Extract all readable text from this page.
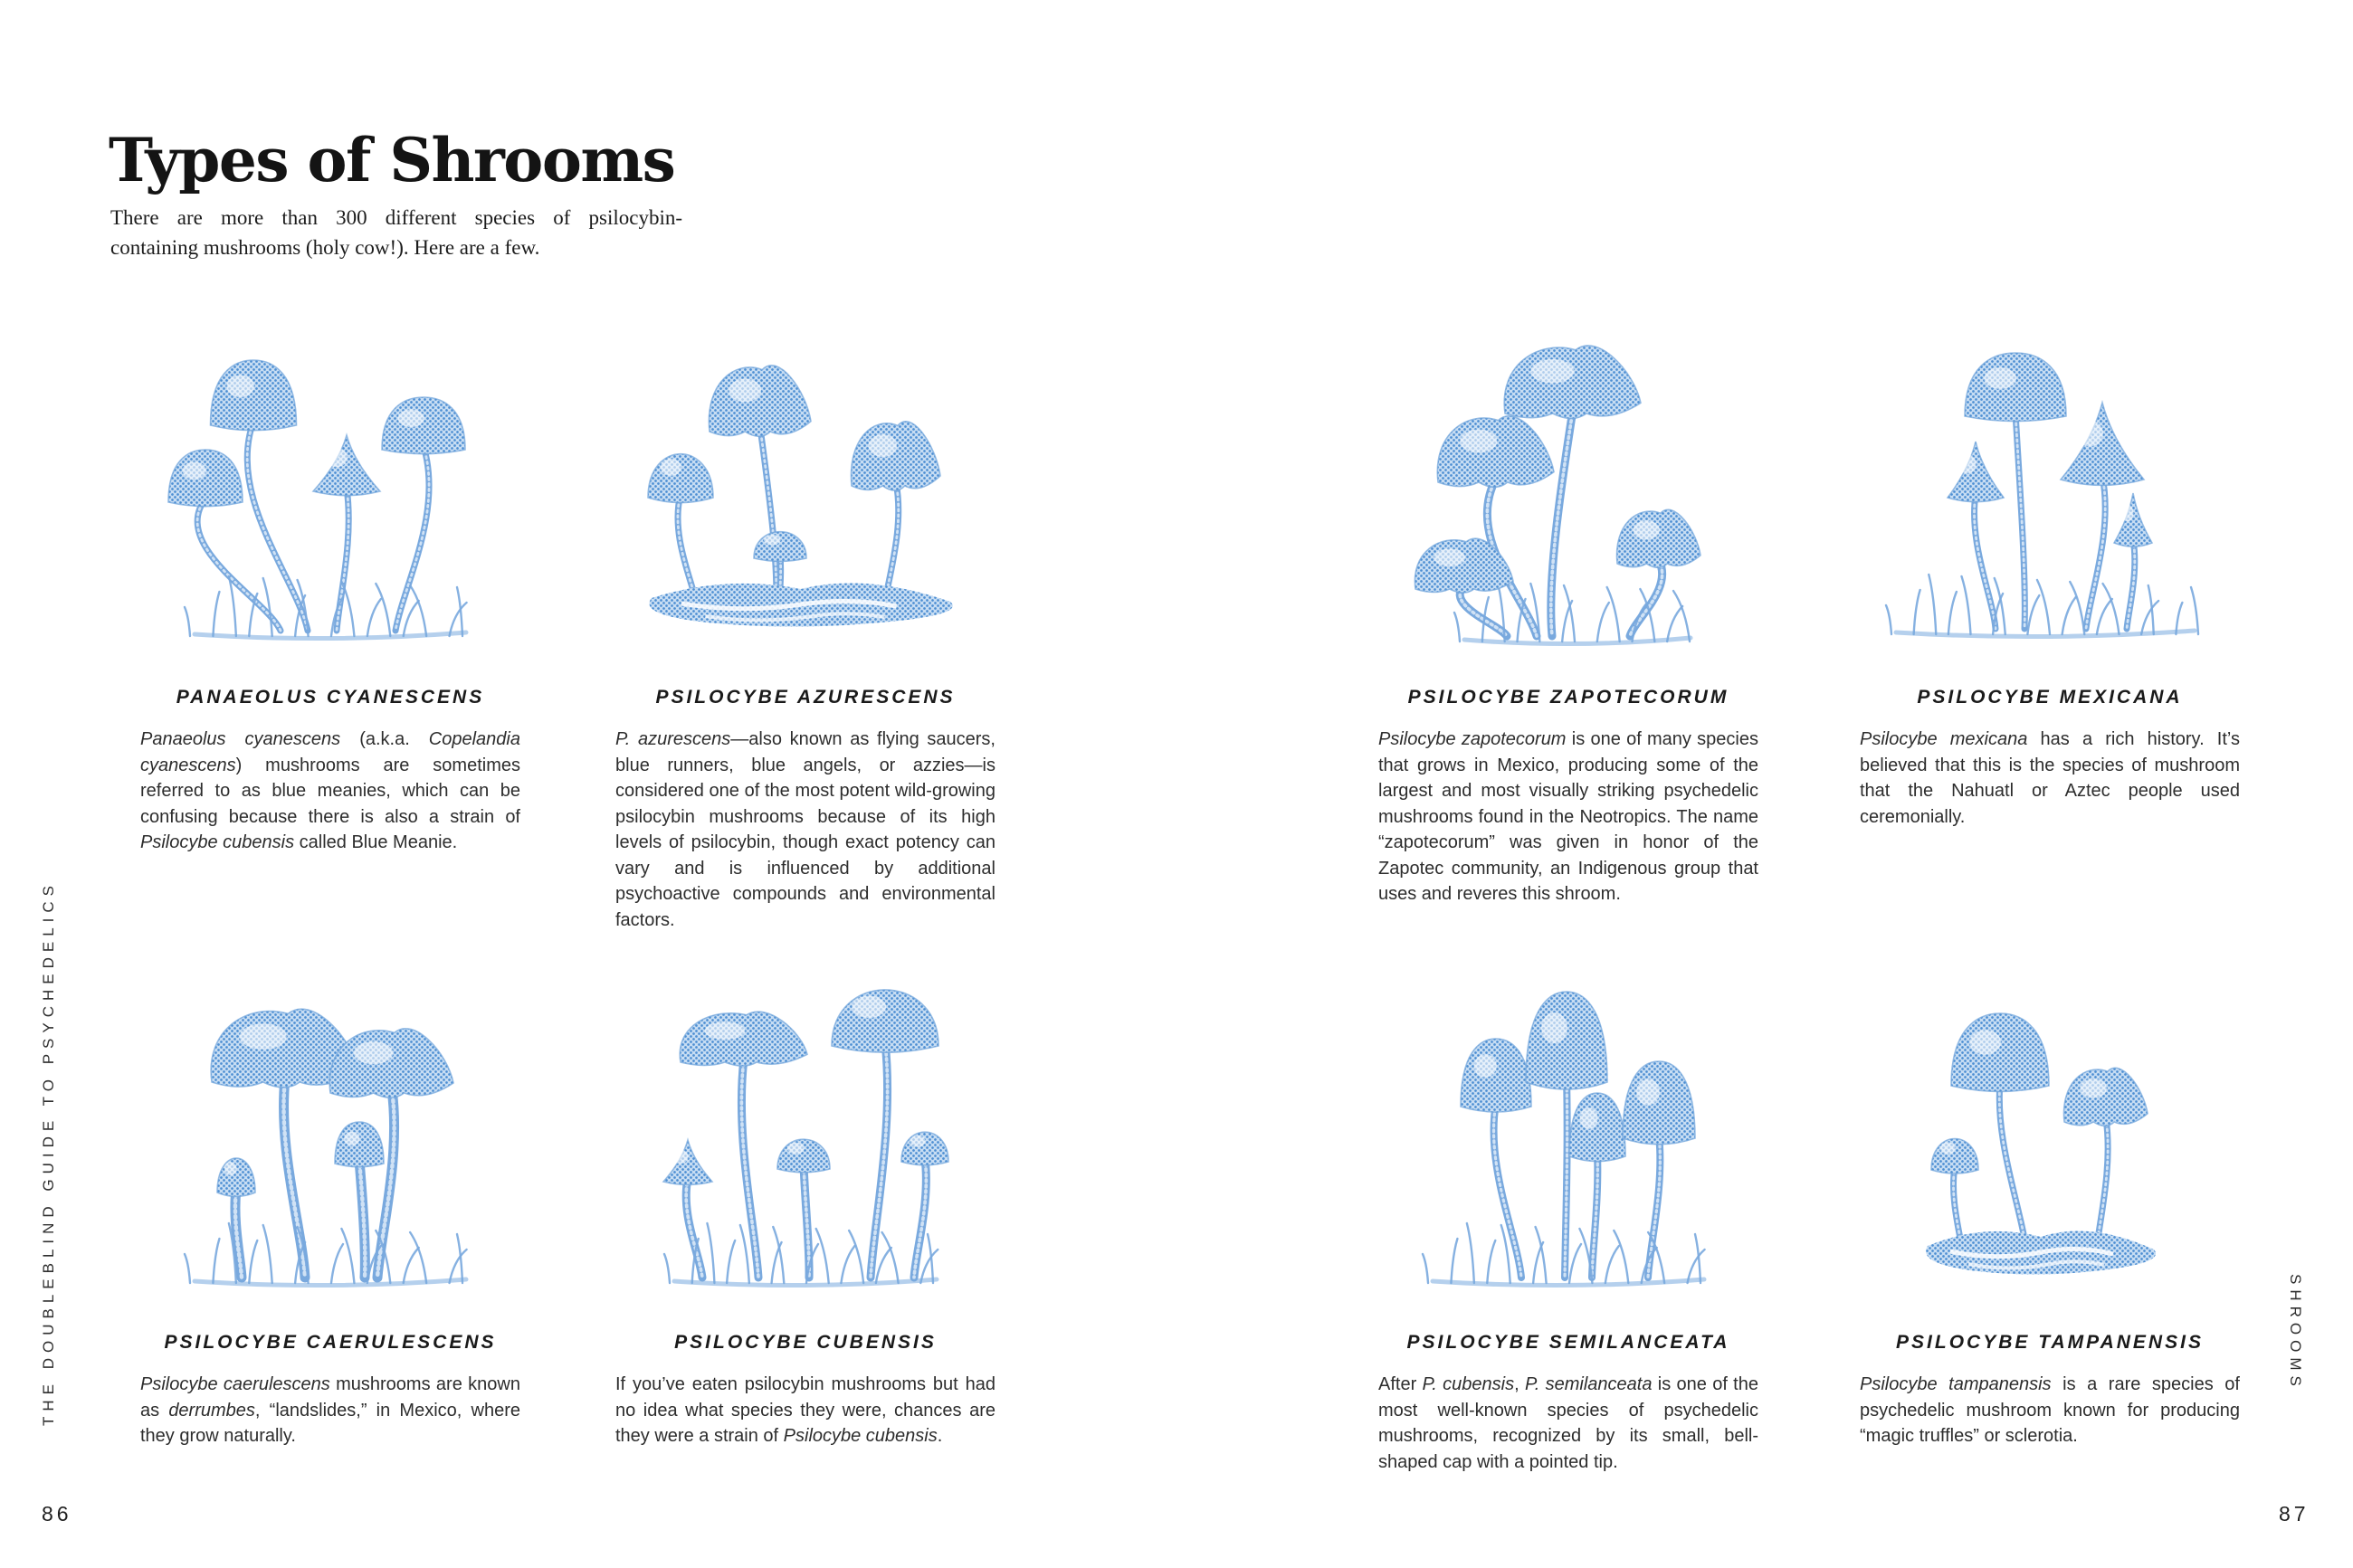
Types of Shrooms
There are more than 300 different species of psilocybin-
containing mushrooms (holy cow!). Here are a few.
PANAEOLUS CYANESCENS

Panaeolus cyanescens (a.k.a. Copelandia cyanescens) mushrooms are sometimes referred to as blue meanies, which can be confusing because there is also a strain of Psilocybe cubensis called Blue Meanie.

PSILOCYBE AZURESCENS

P. azurescens—also known as flying saucers, blue runners, blue angels, or azzies—is considered one of the most potent wild-growing psilocybin mushrooms because of its high levels of psilocybin, though exact potency can vary and is influenced by additional psychoactive compounds and environmental factors.

PSILOCYBE ZAPOTECORUM

Psilocybe zapotecorum is one of many species that grows in Mexico, producing some of the largest and most visually striking psychedelic mushrooms found in the Neotropics. The name “zapotecorum” was given in honor of the Zapotec community, an Indigenous group that uses and reveres this shroom.

PSILOCYBE MEXICANA

Psilocybe mexicana has a rich history. It’s believed that this is the species of mushroom that the Nahuatl or Aztec people used ceremonially.

PSILOCYBE CAERULESCENS

Psilocybe caerulescens mushrooms are known as derrumbes, “landslides,” in Mexico, where they grow naturally.

PSILOCYBE CUBENSIS

If you’ve eaten psilocybin mushrooms but had no idea what species they were, chances are they were a strain of Psilocybe cubensis.

PSILOCYBE SEMILANCEATA

After P. cubensis, P. semilanceata is one of the most well-known species of psychedelic mushrooms, recognized by its small, bell-shaped cap with a pointed tip.

PSILOCYBE TAMPANENSIS

Psilocybe tampanensis is a rare species of psychedelic mushroom known for producing “magic truffles” or sclerotia.

THE DOUBLEBLIND GUIDE TO PSYCHEDELICS	SHROOMS
86	87
